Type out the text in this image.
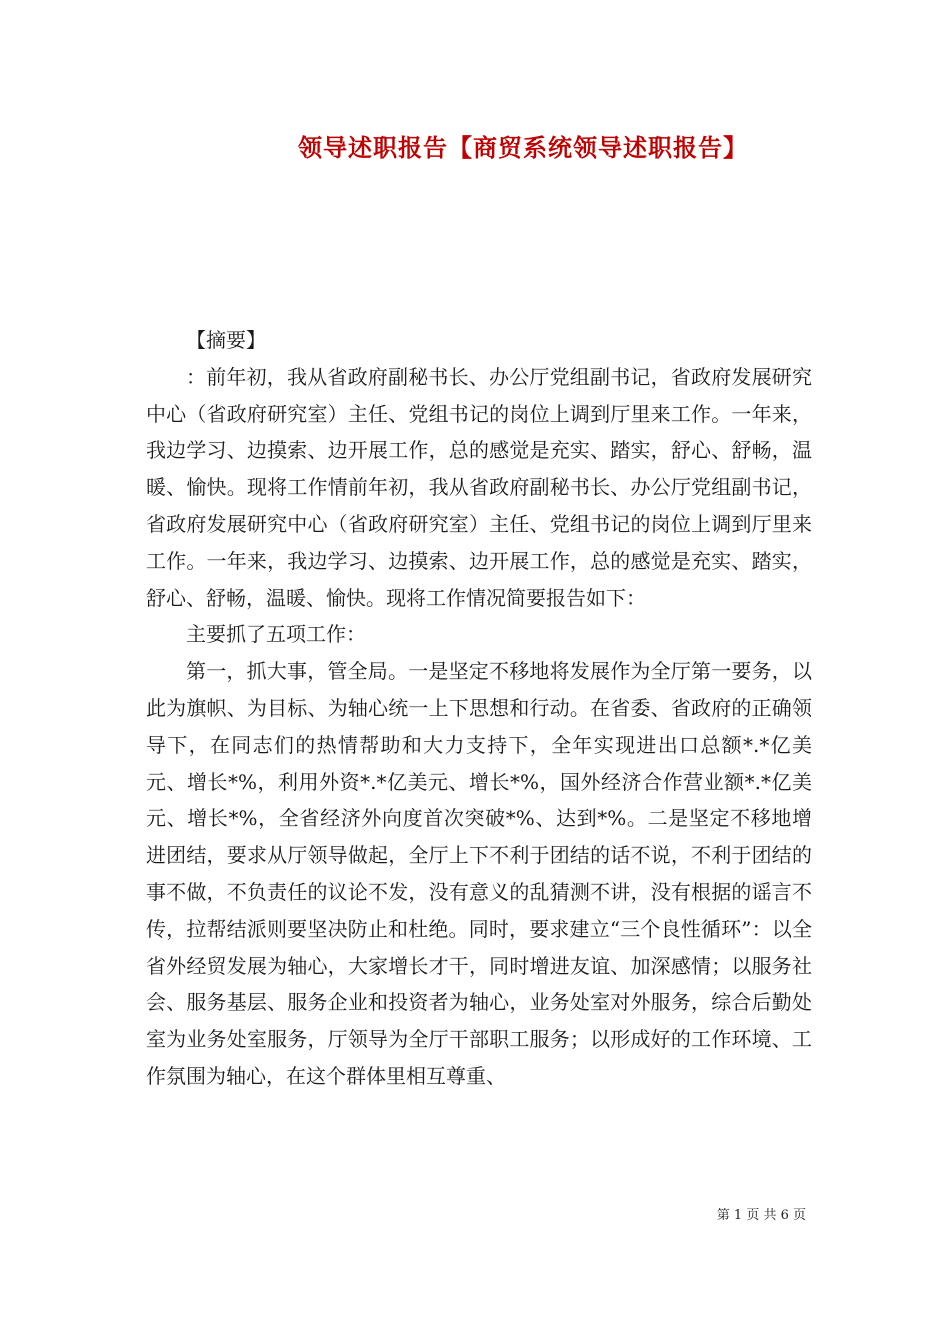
领导述职报告【商贸系统领导述职报告】

【摘要】

：前年初，我从省政府副秘书长、办公厅党组副书记，省政府发展研究中心（省政府研究室）主任、党组书记的岗位上调到厅里来工作。一年来，我边学习、边摸索、边开展工作，总的感觉是充实、踏实，舒心、舒畅，温暖、愉快。现将工作情前年初，我从省政府副秘书长、办公厅党组副书记，省政府发展研究中心（省政府研究室）主任、党组书记的岗位上调到厅里来工作。一年来，我边学习、边摸索、边开展工作，总的感觉是充实、踏实，舒心、舒畅，温暖、愉快。现将工作情况简要报告如下：

主要抓了五项工作：

第一，抓大事，管全局。一是坚定不移地将发展作为全厅第一要务，以此为旗帜、为目标、为轴心统一上下思想和行动。在省委、省政府的正确领导下，在同志们的热情帮助和大力支持下，全年实现进出口总额*.*亿美元、增长*%，利用外资*.*亿美元、增长*%，国外经济合作营业额*.*亿美元、增长*%，全省经济外向度首次突破*%、达到*%。二是坚定不移地增进团结，要求从厅领导做起，全厅上下不利于团结的话不说，不利于团结的事不做，不负责任的议论不发，没有意义的乱猜测不讲，没有根据的谣言不传，拉帮结派则要坚决防止和杜绝。同时，要求建立“三个良性循环”：以全省外经贸发展为轴心，大家增长才干，同时增进友谊、加深感情；以服务社会、服务基层、服务企业和投资者为轴心，业务处室对外服务，综合后勤处室为业务处室服务，厅领导为全厅干部职工服务；以形成好的工作环境、工作氛围为轴心，在这个群体里相互尊重、

第 1 页 共 6 页
